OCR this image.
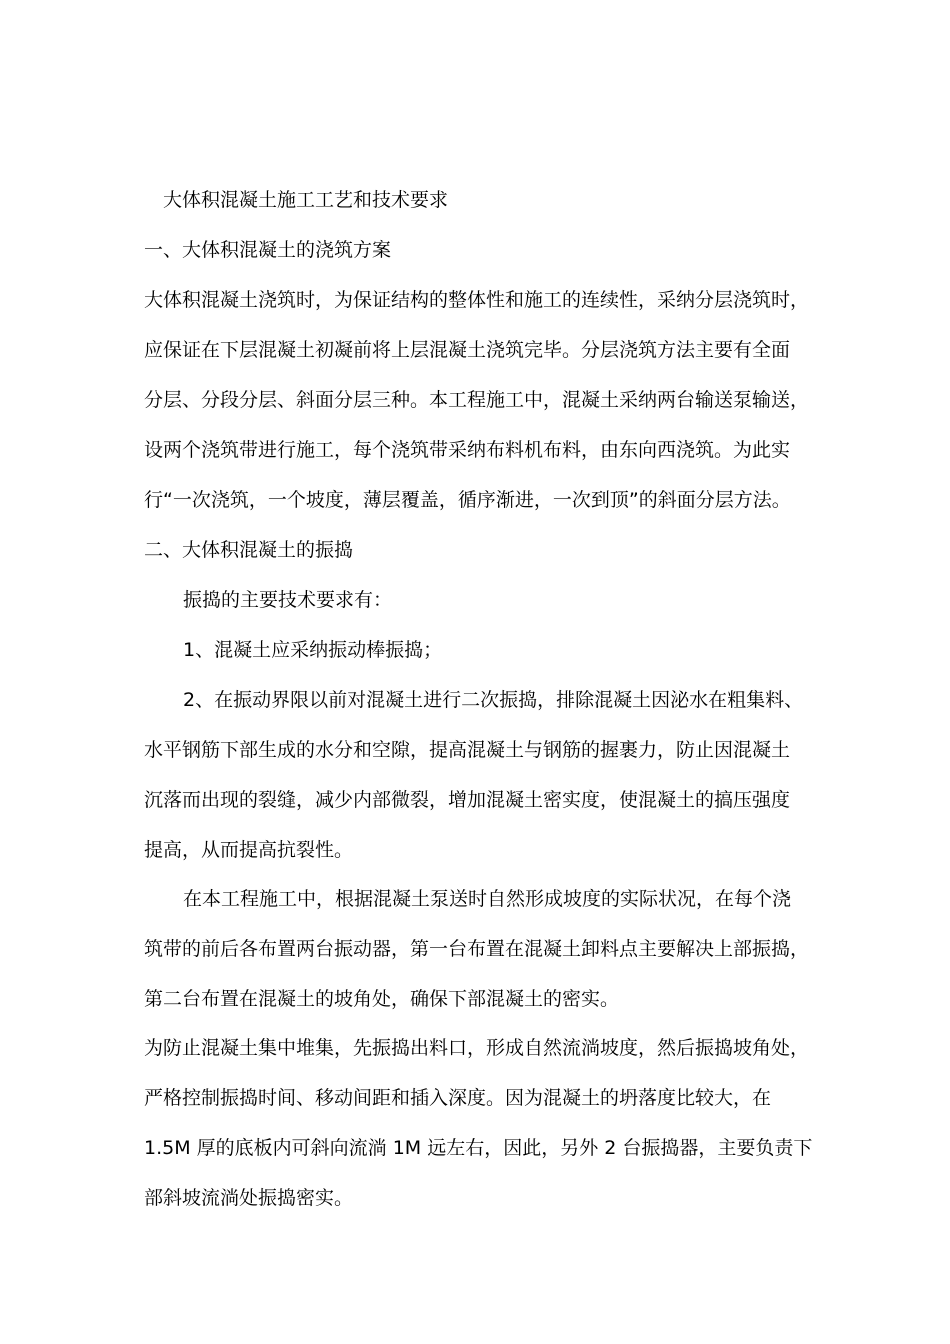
大体积混凝土施工工艺和技术要求
一、大体积混凝土的浇筑方案
大体积混凝土浇筑时，为保证结构的整体性和施工的连续性，采纳分层浇筑时，
应保证在下层混凝土初凝前将上层混凝土浇筑完毕。分层浇筑方法主要有全面
分层、分段分层、斜面分层三种。本工程施工中，混凝土采纳两台输送泵输送，
设两个浇筑带进行施工，每个浇筑带采纳布料机布料，由东向西浇筑。为此实
行“一次浇筑，一个坡度，薄层覆盖，循序渐进，一次到顶”的斜面分层方法。
二、大体积混凝土的振捣
振捣的主要技术要求有：
1、混凝土应采纳振动棒振捣；
2、在振动界限以前对混凝土进行二次振捣，排除混凝土因泌水在粗集料、
水平钢筋下部生成的水分和空隙，提高混凝土与钢筋的握裹力，防止因混凝土
沉落而出现的裂缝，减少内部微裂，增加混凝土密实度，使混凝土的搞压强度
提高，从而提高抗裂性。
在本工程施工中，根据混凝土泵送时自然形成坡度的实际状况，在每个浇
筑带的前后各布置两台振动器，第一台布置在混凝土卸料点主要解决上部振捣，
第二台布置在混凝土的坡角处，确保下部混凝土的密实。
为防止混凝土集中堆集，先振捣出料口，形成自然流淌坡度，然后振捣坡角处，
严格控制振捣时间、移动间距和插入深度。因为混凝土的坍落度比较大，在
1.5M 厚的底板内可斜向流淌 1M 远左右，因此，另外 2 台振捣器，主要负责下
部斜坡流淌处振捣密实。
